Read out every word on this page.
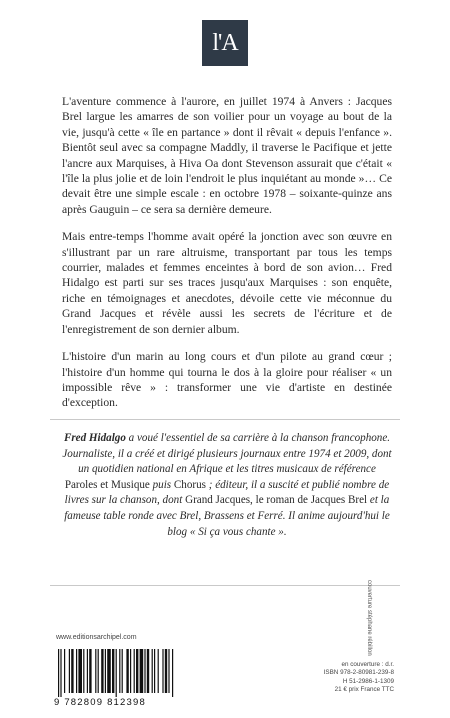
l'A

L'aventure commence à l'aurore, en juillet 1974 à Anvers : Jacques Brel largue les amarres de son voilier pour un voyage au bout de la vie, jusqu'à cette « île en partance » dont il rêvait « depuis l'enfance ». Bientôt seul avec sa compagne Maddly, il traverse le Pacifique et jette l'ancre aux Marquises, à Hiva Oa dont Stevenson assurait que c'était « l'île la plus jolie et de loin l'endroit le plus inquiétant au monde »… Ce devait être une simple escale : en octobre 1978 – soixante-quinze ans après Gauguin – ce sera sa dernière demeure.

Mais entre-temps l'homme avait opéré la jonction avec son œuvre en s'illustrant par un rare altruisme, transportant par tous les temps courrier, malades et femmes enceintes à bord de son avion… Fred Hidalgo est parti sur ses traces jusqu'aux Marquises : son enquête, riche en témoignages et anecdotes, dévoile cette vie méconnue du Grand Jacques et révèle aussi les secrets de l'écriture et de l'enregistrement de son dernier album.

L'histoire d'un marin au long cours et d'un pilote au grand cœur ; l'histoire d'un homme qui tourna le dos à la gloire pour réaliser « un impossible rêve » : transformer une vie d'artiste en destinée d'exception.

Fred Hidalgo a voué l'essentiel de sa carrière à la chanson francophone. Journaliste, il a créé et dirigé plusieurs journaux entre 1974 et 2009, dont un quotidien national en Afrique et les titres musicaux de référence Paroles et Musique puis Chorus ; éditeur, il a suscité et publié nombre de livres sur la chanson, dont Grand Jacques, le roman de Jacques Brel et la fameuse table ronde avec Brel, Brassens et Ferré. Il anime aujourd'hui le blog « Si ça vous chante ».
couverture stéphane rébillon
www.editionsarchipel.com
9 782809 812398
en couverture : d.r.
ISBN 978-2-80981-239-8
H 51-2986-1-1309
21 € prix France TTC
